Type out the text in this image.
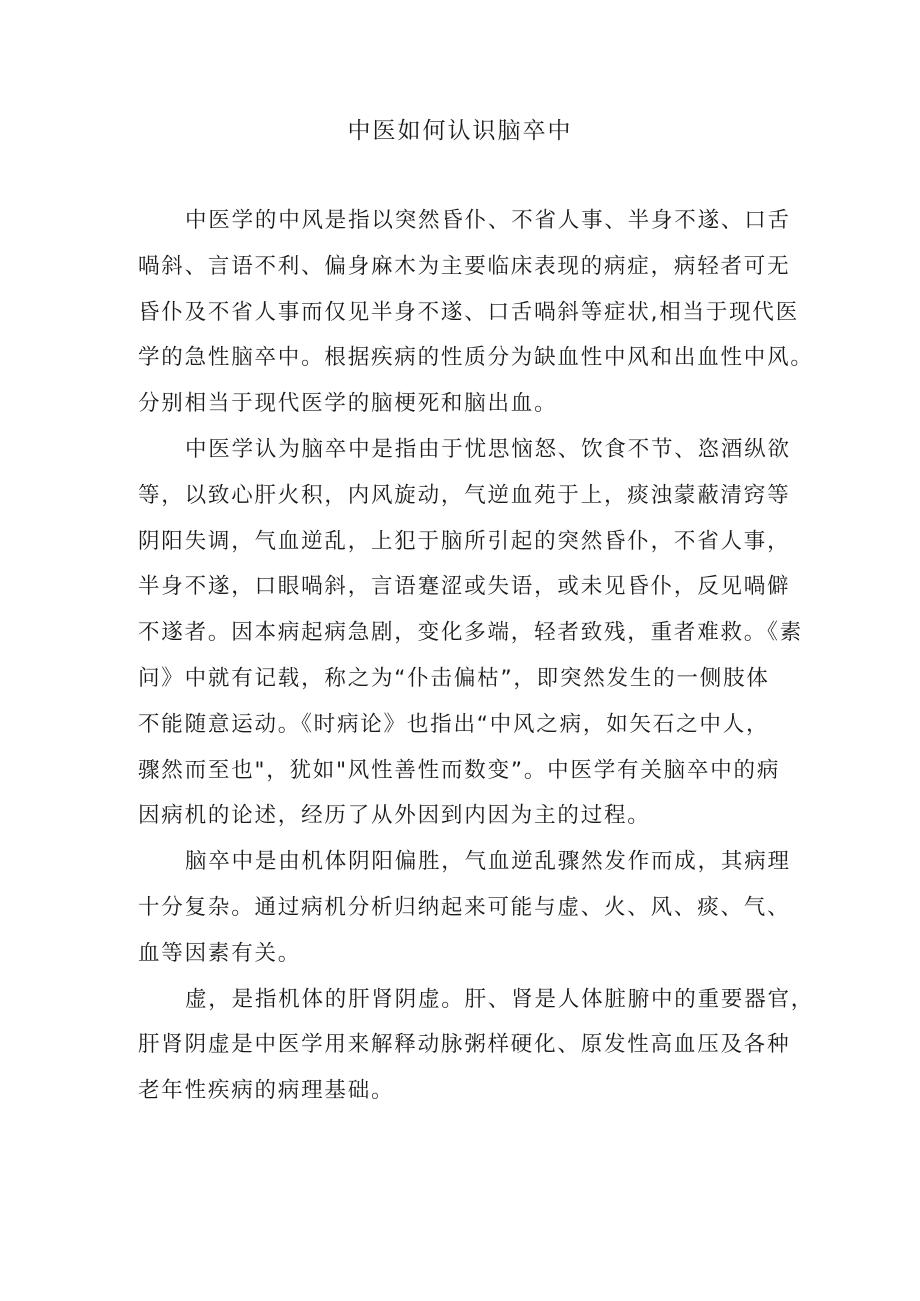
中医如何认识脑卒中
中医学的中风是指以突然昏仆、不省人事、半身不遂、口舌
喎斜、言语不利、偏身麻木为主要临床表现的病症，病轻者可无
昏仆及不省人事而仅见半身不遂、口舌喎斜等症状,相当于现代医
学的急性脑卒中。根据疾病的性质分为缺血性中风和出血性中风。
分别相当于现代医学的脑梗死和脑出血。
中医学认为脑卒中是指由于忧思恼怒、饮食不节、恣酒纵欲
等，以致心肝火积，内风旋动，气逆血苑于上，痰浊蒙蔽清窍等
阴阳失调，气血逆乱，上犯于脑所引起的突然昏仆，不省人事，
半身不遂，口眼喎斜，言语蹇涩或失语，或未见昏仆，反见喎僻
不遂者。因本病起病急剧，变化多端，轻者致残，重者难救。《素
问》中就有记载，称之为“仆击偏枯”，即突然发生的一侧肢体
不能随意运动。《时病论》也指出“中风之病，如矢石之中人，
骤然而至也"，犹如"风性善性而数变”。中医学有关脑卒中的病
因病机的论述，经历了从外因到内因为主的过程。
脑卒中是由机体阴阳偏胜，气血逆乱骤然发作而成，其病理
十分复杂。通过病机分析归纳起来可能与虚、火、风、痰、气、
血等因素有关。
虚，是指机体的肝肾阴虚。肝、肾是人体脏腑中的重要器官，
肝肾阴虚是中医学用来解释动脉粥样硬化、原发性高血压及各种
老年性疾病的病理基础。
